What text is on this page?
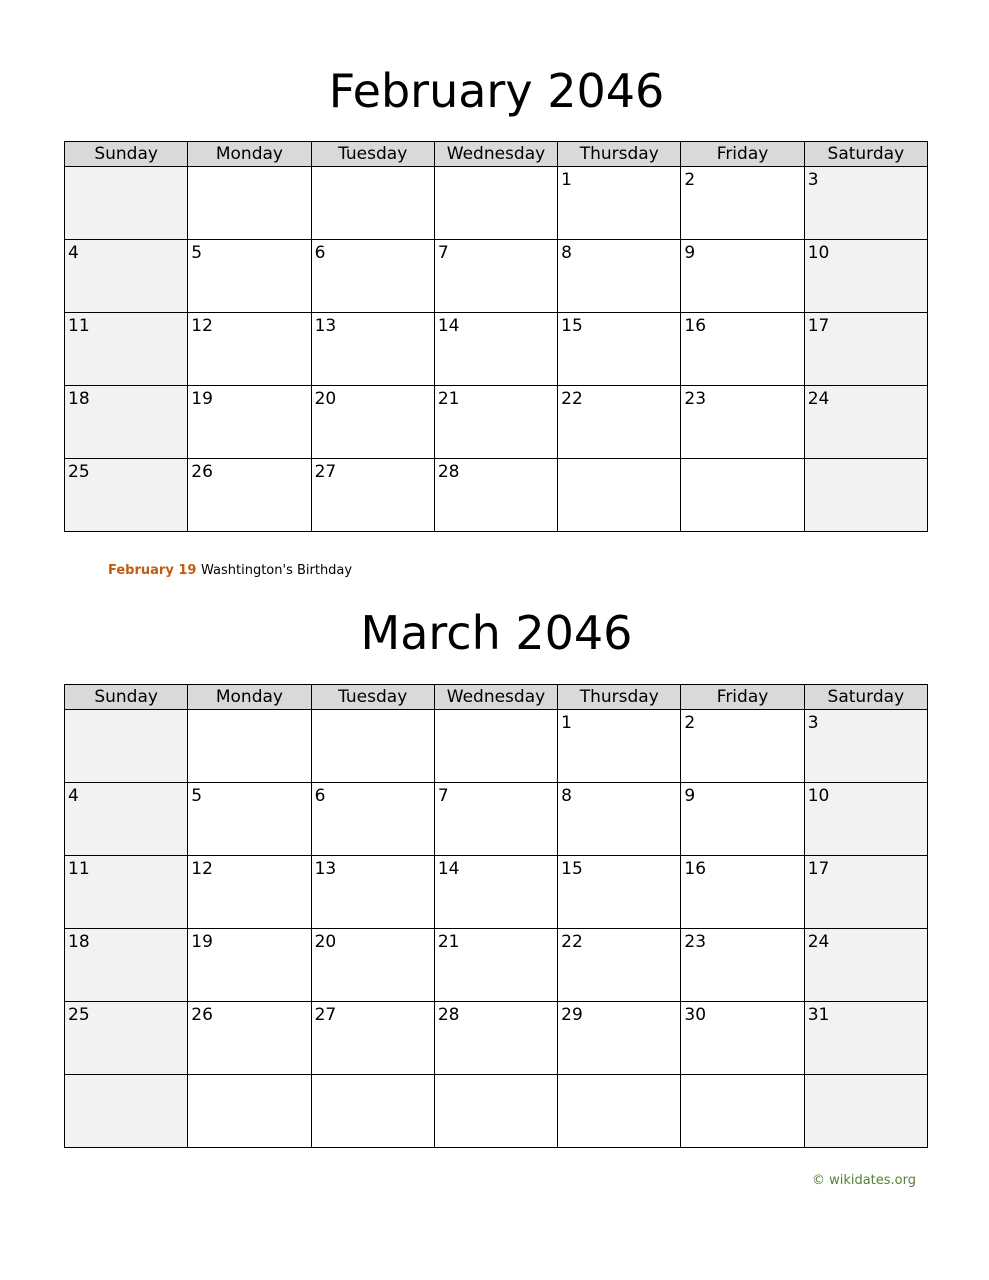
February 2046
Sunday	Monday	Tuesday	Wednesday	Thursday	Friday	Saturday

				1	2	3

4	5	6	7	8	9	10

11	12	13	14	15	16	17

18	19	20	21	22	23	24

25	26	27	28			

February 19 Washtington's Birthday
March 2046
Sunday	Monday	Tuesday	Wednesday	Thursday	Friday	Saturday

				1	2	3

4	5	6	7	8	9	10

11	12	13	14	15	16	17

18	19	20	21	22	23	24

25	26	27	28	29	30	31

© wikidates.org
